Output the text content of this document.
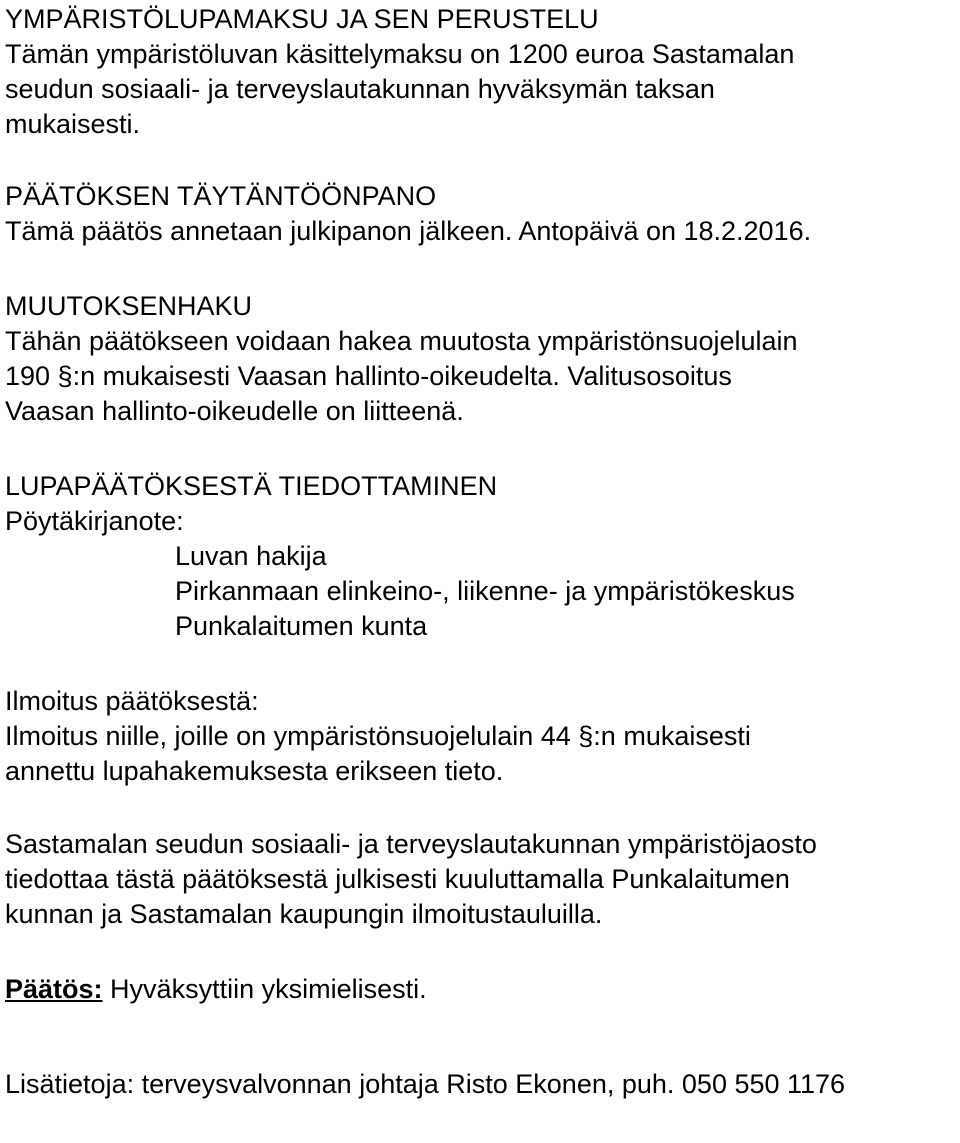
YMPÄRISTÖLUPAMAKSU JA SEN PERUSTELU
Tämän ympäristöluvan käsittelymaksu on 1200 euroa Sastamalan
seudun sosiaali- ja terveyslautakunnan hyväksymän taksan
mukaisesti.
PÄÄTÖKSEN TÄYTÄNTÖÖNPANO
Tämä päätös annetaan julkipanon jälkeen. Antopäivä on 18.2.2016.
MUUTOKSENHAKU
Tähän päätökseen voidaan hakea muutosta ympäristönsuojelulain
190 §:n mukaisesti Vaasan hallinto-oikeudelta. Valitusosoitus
Vaasan hallinto-oikeudelle on liitteenä.
LUPAPÄÄTÖKSESTÄ TIEDOTTAMINEN
Pöytäkirjanote:
Luvan hakija
Pirkanmaan elinkeino-, liikenne- ja ympäristökeskus
Punkalaitumen kunta
Ilmoitus päätöksestä:
Ilmoitus niille, joille on ympäristönsuojelulain 44 §:n mukaisesti
annettu lupahakemuksesta erikseen tieto.
Sastamalan seudun sosiaali- ja terveyslautakunnan ympäristöjaosto
tiedottaa tästä päätöksestä julkisesti kuuluttamalla Punkalaitumen
kunnan ja Sastamalan kaupungin ilmoitustauluilla.
Päätös: Hyväksyttiin yksimielisesti.
Lisätietoja: terveysvalvonnan johtaja Risto Ekonen, puh. 050 550 1176
